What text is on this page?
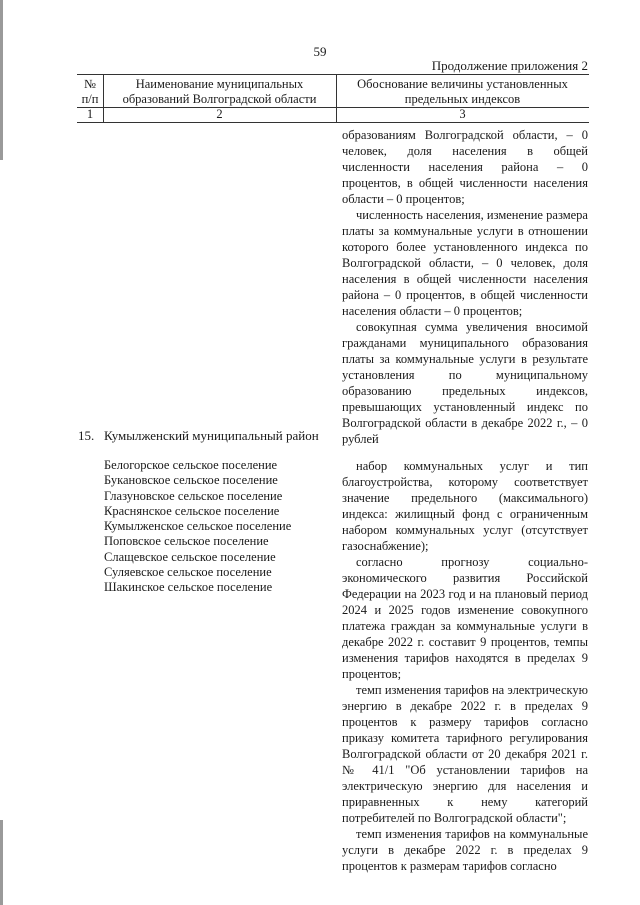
59
Продолжение приложения 2
№
п/п
Наименование муниципальных
образований Волгоградской области
Обоснование величины установленных
предельных индексов
1	2	3

образованиям Волгоградской области, – 0 человек, доля населения в общей численности населения района – 0 процентов, в общей численности населения области – 0 процентов;

численность населения, изменение размера платы за коммунальные услуги в отношении которого более установленного индекса по Волгоградской области, – 0 человек, доля населения в общей численности населения района – 0 процентов, в общей численности населения области – 0 процентов;

совокупная сумма увеличения вносимой гражданами муниципального образования платы за коммунальные услуги в результате установления по муниципальному образованию предельных индексов, превышающих установленный индекс по Волгоградской области в декабре 2022 г., – 0 рублей

15. Кумылженский муниципальный район
Белогорское сельское поселение
Букановское сельское поселение
Глазуновское сельское поселение
Краснянское сельское поселение
Кумылженское сельское поселение
Поповское сельское поселение
Слащевское сельское поселение
Суляевское сельское поселение
Шакинское сельское поселение

набор коммунальных услуг и тип благоустройства, которому соответствует значение предельного (максимального) индекса: жилищный фонд с ограниченным набором коммунальных услуг (отсутствует газоснабжение);

согласно прогнозу социально-экономического развития Российской Федерации на 2023 год и на плановый период 2024 и 2025 годов изменение совокупного платежа граждан за коммунальные услуги в декабре 2022 г. составит 9 процентов, темпы изменения тарифов находятся в пределах 9 процентов;

темп изменения тарифов на электрическую энергию в декабре 2022 г. в пределах 9 процентов к размеру тарифов согласно приказу комитета тарифного регулирования Волгоградской области от 20 декабря 2021 г. № 41/1 "Об установлении тарифов на электрическую энергию для населения и приравненных к нему категорий потребителей по Волгоградской области";

темп изменения тарифов на коммунальные услуги в декабре 2022 г. в пределах 9 процентов к размерам тарифов согласно
